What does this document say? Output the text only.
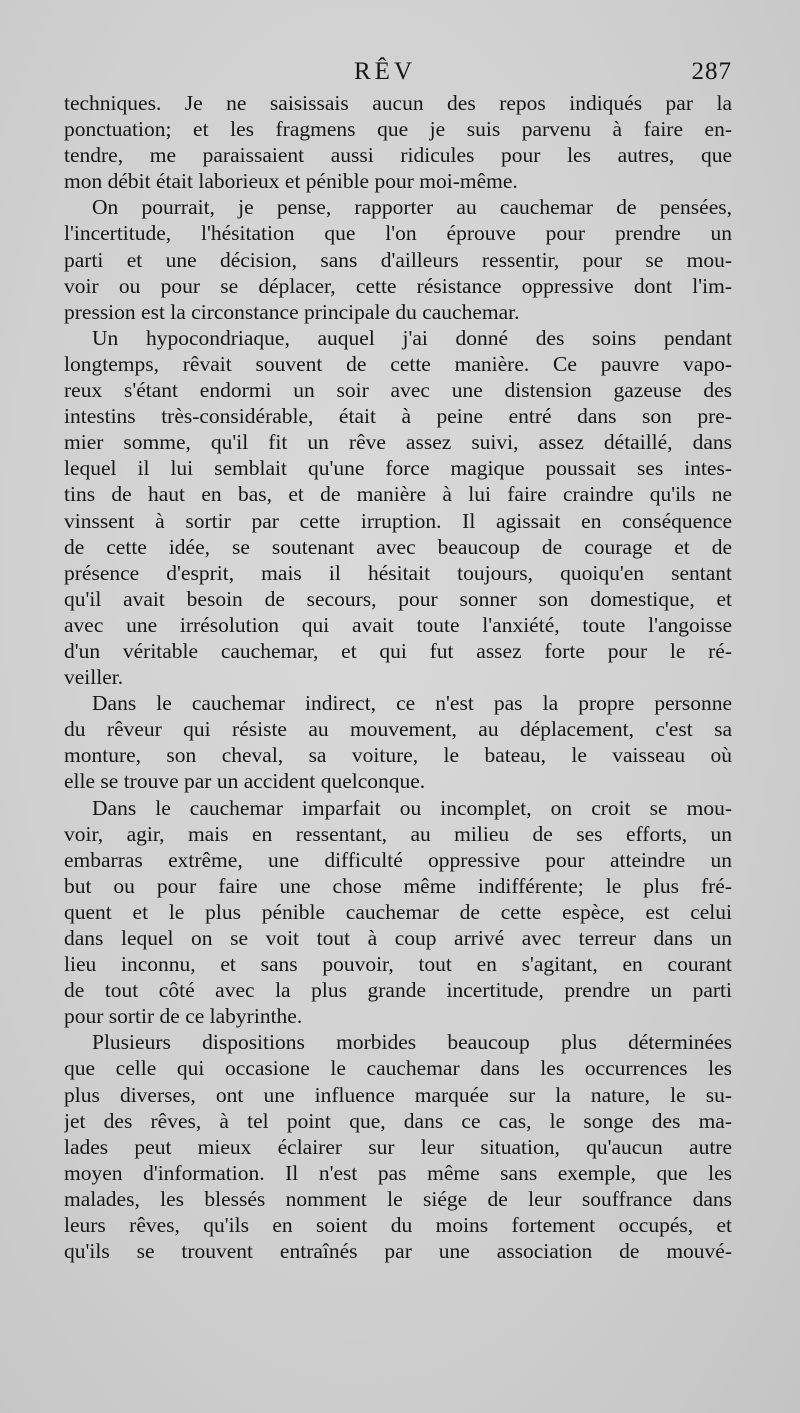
RÊV	287
techniques. Je ne saisissais aucun des repos indiqués par la
ponctuation; et les fragmens que je suis parvenu à faire en-
tendre, me paraissaient aussi ridicules pour les autres, que
mon débit était laborieux et pénible pour moi-même.
On pourrait, je pense, rapporter au cauchemar de pensées,
l'incertitude, l'hésitation que l'on éprouve pour prendre un
parti et une décision, sans d'ailleurs ressentir, pour se mou-
voir ou pour se déplacer, cette résistance oppressive dont l'im-
pression est la circonstance principale du cauchemar.
Un hypocondriaque, auquel j'ai donné des soins pendant
longtemps, rêvait souvent de cette manière. Ce pauvre vapo-
reux s'étant endormi un soir avec une distension gazeuse des
intestins très-considérable, était à peine entré dans son pre-
mier somme, qu'il fit un rêve assez suivi, assez détaillé, dans
lequel il lui semblait qu'une force magique poussait ses intes-
tins de haut en bas, et de manière à lui faire craindre qu'ils ne
vinssent à sortir par cette irruption. Il agissait en conséquence
de cette idée, se soutenant avec beaucoup de courage et de
présence d'esprit, mais il hésitait toujours, quoiqu'en sentant
qu'il avait besoin de secours, pour sonner son domestique, et
avec une irrésolution qui avait toute l'anxiété, toute l'angoisse
d'un véritable cauchemar, et qui fut assez forte pour le ré-
veiller.
Dans le cauchemar indirect, ce n'est pas la propre personne
du rêveur qui résiste au mouvement, au déplacement, c'est sa
monture, son cheval, sa voiture, le bateau, le vaisseau où
elle se trouve par un accident quelconque.
Dans le cauchemar imparfait ou incomplet, on croit se mou-
voir, agir, mais en ressentant, au milieu de ses efforts, un
embarras extrême, une difficulté oppressive pour atteindre un
but ou pour faire une chose même indifférente; le plus fré-
quent et le plus pénible cauchemar de cette espèce, est celui
dans lequel on se voit tout à coup arrivé avec terreur dans un
lieu inconnu, et sans pouvoir, tout en s'agitant, en courant
de tout côté avec la plus grande incertitude, prendre un parti
pour sortir de ce labyrinthe.
Plusieurs dispositions morbides beaucoup plus déterminées
que celle qui occasione le cauchemar dans les occurrences les
plus diverses, ont une influence marquée sur la nature, le su-
jet des rêves, à tel point que, dans ce cas, le songe des ma-
lades peut mieux éclairer sur leur situation, qu'aucun autre
moyen d'information. Il n'est pas même sans exemple, que les
malades, les blessés nomment le siége de leur souffrance dans
leurs rêves, qu'ils en soient du moins fortement occupés, et
qu'ils se trouvent entraînés par une association de mouvé-
